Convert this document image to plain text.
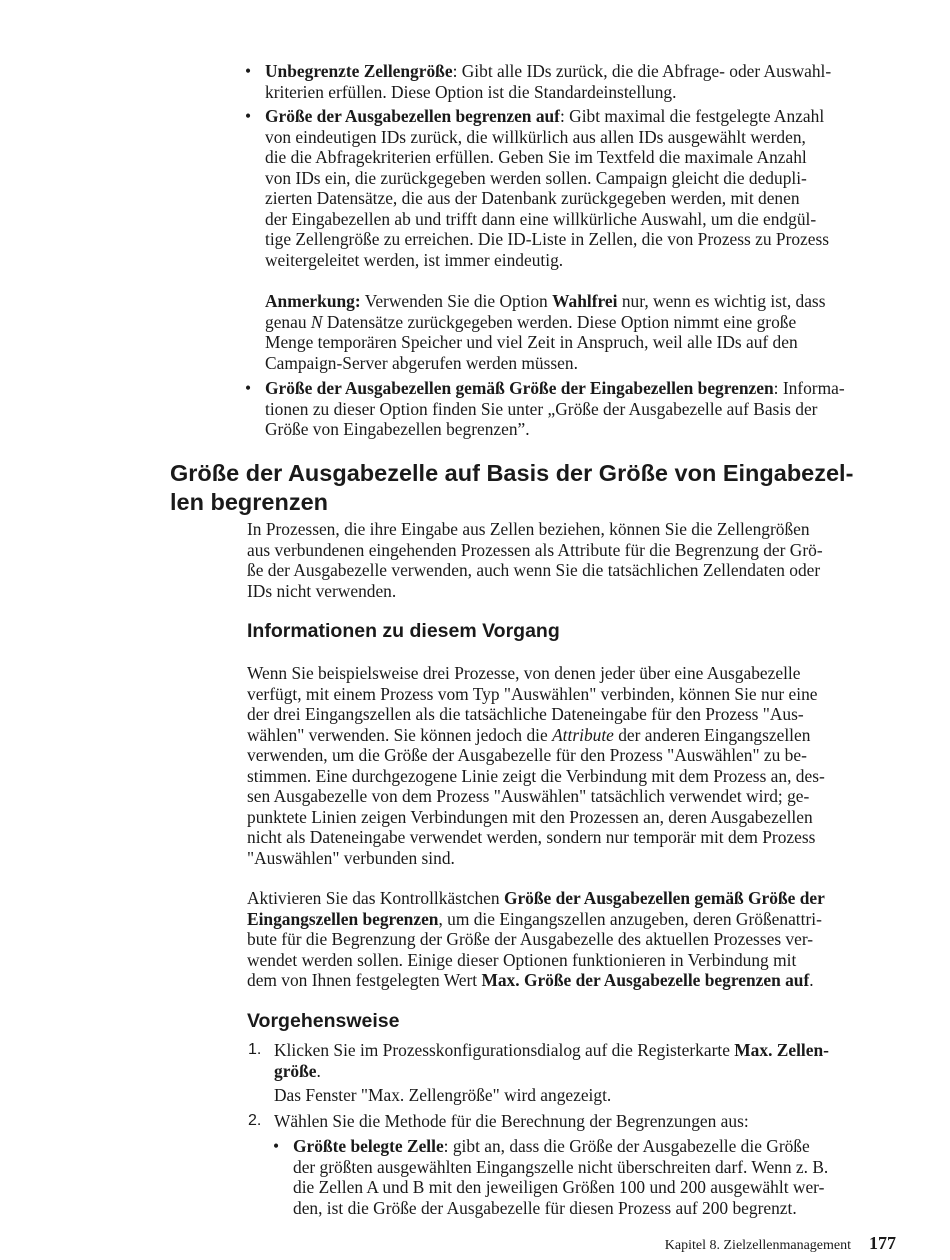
• Unbegrenzte Zellengröße: Gibt alle IDs zurück, die die Abfrage- oder Auswahl-
kriterien erfüllen. Diese Option ist die Standardeinstellung.
• Größe der Ausgabezellen begrenzen auf: Gibt maximal die festgelegte Anzahl
von eindeutigen IDs zurück, die willkürlich aus allen IDs ausgewählt werden,
die die Abfragekriterien erfüllen. Geben Sie im Textfeld die maximale Anzahl
von IDs ein, die zurückgegeben werden sollen. Campaign gleicht die dedupli-
zierten Datensätze, die aus der Datenbank zurückgegeben werden, mit denen
der Eingabezellen ab und trifft dann eine willkürliche Auswahl, um die endgül-
tige Zellengröße zu erreichen. Die ID-Liste in Zellen, die von Prozess zu Prozess
weitergeleitet werden, ist immer eindeutig.
Anmerkung: Verwenden Sie die Option Wahlfrei nur, wenn es wichtig ist, dass
genau N Datensätze zurückgegeben werden. Diese Option nimmt eine große
Menge temporären Speicher und viel Zeit in Anspruch, weil alle IDs auf den
Campaign-Server abgerufen werden müssen.
• Größe der Ausgabezellen gemäß Größe der Eingabezellen begrenzen: Informa-
tionen zu dieser Option finden Sie unter „Größe der Ausgabezelle auf Basis der
Größe von Eingabezellen begrenzen”.
Größe der Ausgabezelle auf Basis der Größe von Eingabezel-
len begrenzen
In Prozessen, die ihre Eingabe aus Zellen beziehen, können Sie die Zellengrößen
aus verbundenen eingehenden Prozessen als Attribute für die Begrenzung der Grö-
ße der Ausgabezelle verwenden, auch wenn Sie die tatsächlichen Zellendaten oder
IDs nicht verwenden.
Informationen zu diesem Vorgang
Wenn Sie beispielsweise drei Prozesse, von denen jeder über eine Ausgabezelle
verfügt, mit einem Prozess vom Typ "Auswählen" verbinden, können Sie nur eine
der drei Eingangszellen als die tatsächliche Dateneingabe für den Prozess "Aus-
wählen" verwenden. Sie können jedoch die Attribute der anderen Eingangszellen
verwenden, um die Größe der Ausgabezelle für den Prozess "Auswählen" zu be-
stimmen. Eine durchgezogene Linie zeigt die Verbindung mit dem Prozess an, des-
sen Ausgabezelle von dem Prozess "Auswählen" tatsächlich verwendet wird; ge-
punktete Linien zeigen Verbindungen mit den Prozessen an, deren Ausgabezellen
nicht als Dateneingabe verwendet werden, sondern nur temporär mit dem Prozess
"Auswählen" verbunden sind.
Aktivieren Sie das Kontrollkästchen Größe der Ausgabezellen gemäß Größe der
Eingangszellen begrenzen, um die Eingangszellen anzugeben, deren Größenattri-
bute für die Begrenzung der Größe der Ausgabezelle des aktuellen Prozesses ver-
wendet werden sollen. Einige dieser Optionen funktionieren in Verbindung mit
dem von Ihnen festgelegten Wert Max. Größe der Ausgabezelle begrenzen auf.
Vorgehensweise
1. Klicken Sie im Prozesskonfigurationsdialog auf die Registerkarte Max. Zellen-
größe.
Das Fenster "Max. Zellengröße" wird angezeigt.
2. Wählen Sie die Methode für die Berechnung der Begrenzungen aus:
• Größte belegte Zelle: gibt an, dass die Größe der Ausgabezelle die Größe
der größten ausgewählten Eingangszelle nicht überschreiten darf. Wenn z. B.
die Zellen A und B mit den jeweiligen Größen 100 und 200 ausgewählt wer-
den, ist die Größe der Ausgabezelle für diesen Prozess auf 200 begrenzt.
Kapitel 8. Zielzellenmanagement 177
